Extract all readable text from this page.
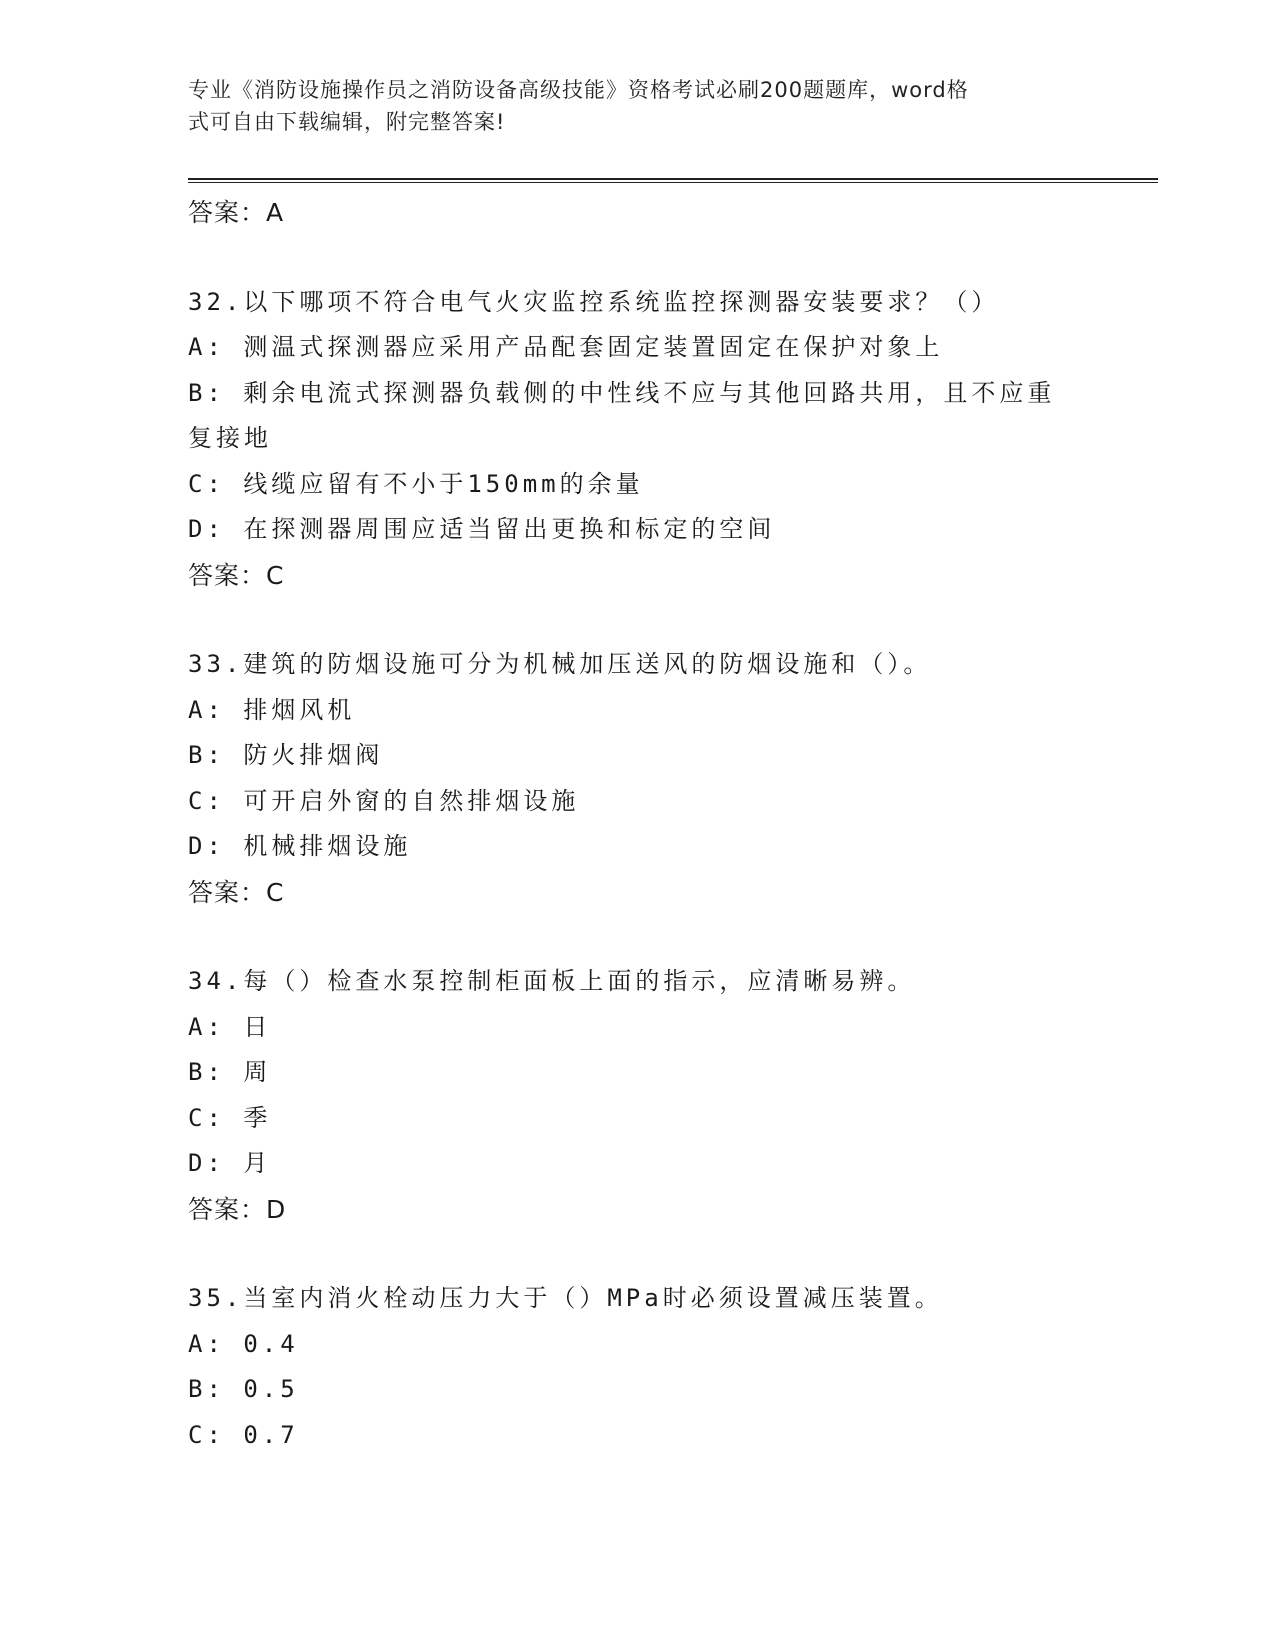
专业《消防设施操作员之消防设备高级技能》资格考试必刷200题题库，word格
式可自由下载编辑，附完整答案!
答案：A
32.以下哪项不符合电气火灾监控系统监控探测器安装要求？（）
A: 测温式探测器应采用产品配套固定装置固定在保护对象上
B: 剩余电流式探测器负载侧的中性线不应与其他回路共用，且不应重
复接地
C: 线缆应留有不小于150mm的余量
D: 在探测器周围应适当留出更换和标定的空间
答案：C
33.建筑的防烟设施可分为机械加压送风的防烟设施和（）。
A: 排烟风机
B: 防火排烟阀
C: 可开启外窗的自然排烟设施
D: 机械排烟设施
答案：C
34.每（）检查水泵控制柜面板上面的指示，应清晰易辨。
A: 日
B: 周
C: 季
D: 月
答案：D
35.当室内消火栓动压力大于（）MPa时必须设置减压装置。
A: 0.4
B: 0.5
C: 0.7
